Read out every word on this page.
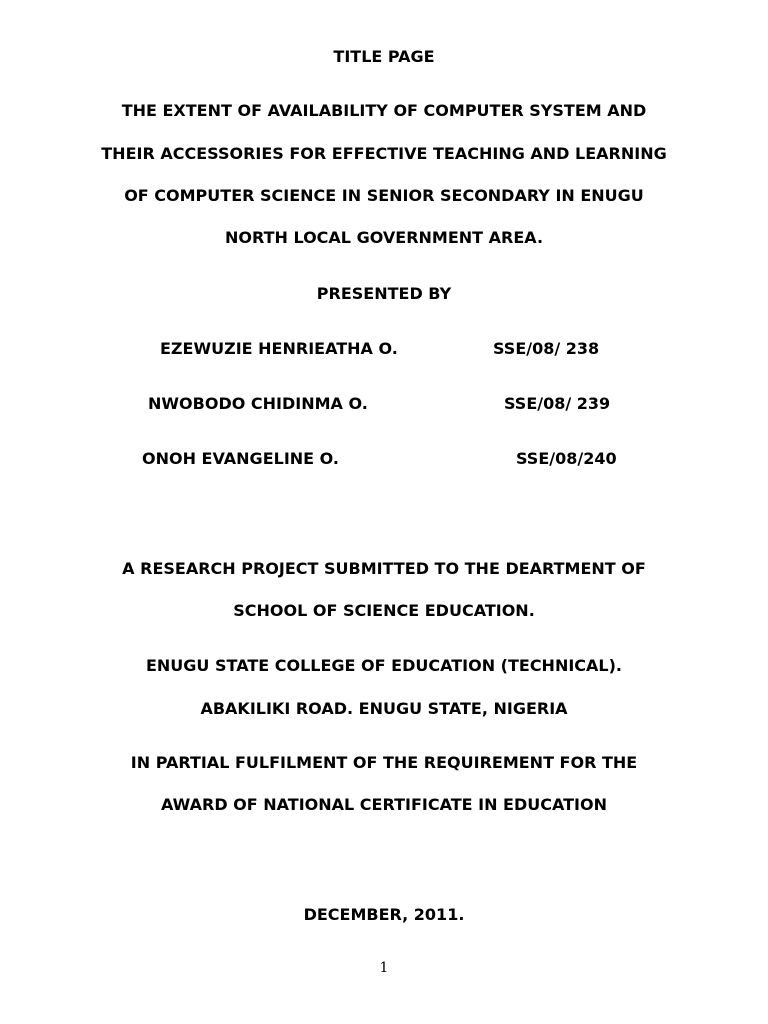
TITLE PAGE
THE EXTENT OF AVAILABILITY OF COMPUTER SYSTEM AND
THEIR ACCESSORIES FOR EFFECTIVE TEACHING AND LEARNING
OF COMPUTER SCIENCE IN SENIOR SECONDARY IN ENUGU
NORTH LOCAL GOVERNMENT AREA.
PRESENTED BY
EZEWUZIE HENRIEATHA O.	SSE/08/ 238
NWOBODO CHIDINMA O.	SSE/08/ 239
ONOH EVANGELINE O.	SSE/08/240
A RESEARCH PROJECT SUBMITTED TO THE DEARTMENT OF
SCHOOL OF SCIENCE EDUCATION.
ENUGU STATE COLLEGE OF EDUCATION (TECHNICAL).
ABAKILIKI ROAD. ENUGU STATE, NIGERIA
IN PARTIAL FULFILMENT OF THE REQUIREMENT FOR THE
AWARD OF NATIONAL CERTIFICATE IN EDUCATION
DECEMBER, 2011.
1
